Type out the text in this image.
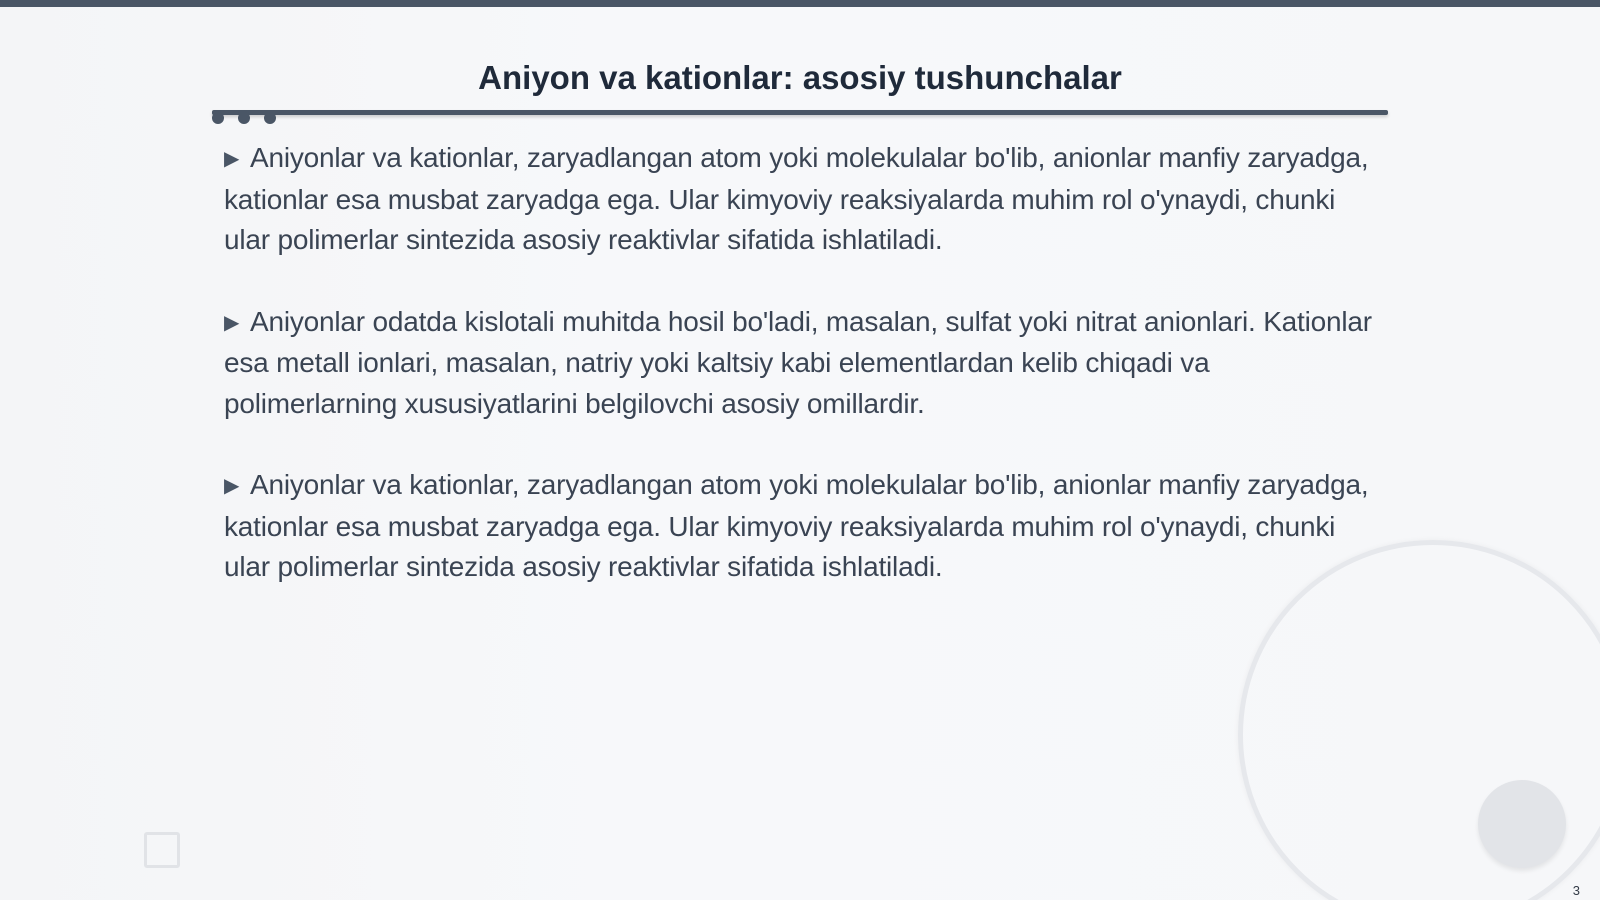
Aniyon va kationlar: asosiy tushunchalar

▶ Aniyonlar va kationlar, zaryadlangan atom yoki molekulalar bo'lib, anionlar manfiy zaryadga, kationlar esa musbat zaryadga ega. Ular kimyoviy reaksiyalarda muhim rol o'ynaydi, chunki ular polimerlar sintezida asosiy reaktivlar sifatida ishlatiladi.

▶ Aniyonlar odatda kislotali muhitda hosil bo'ladi, masalan, sulfat yoki nitrat anionlari. Kationlar esa metall ionlari, masalan, natriy yoki kaltsiy kabi elementlardan kelib chiqadi va polimerlarning xususiyatlarini belgilovchi asosiy omillardir.

▶ Aniyonlar va kationlar, zaryadlangan atom yoki molekulalar bo'lib, anionlar manfiy zaryadga, kationlar esa musbat zaryadga ega. Ular kimyoviy reaksiyalarda muhim rol o'ynaydi, chunki ular polimerlar sintezida asosiy reaktivlar sifatida ishlatiladi.

3
